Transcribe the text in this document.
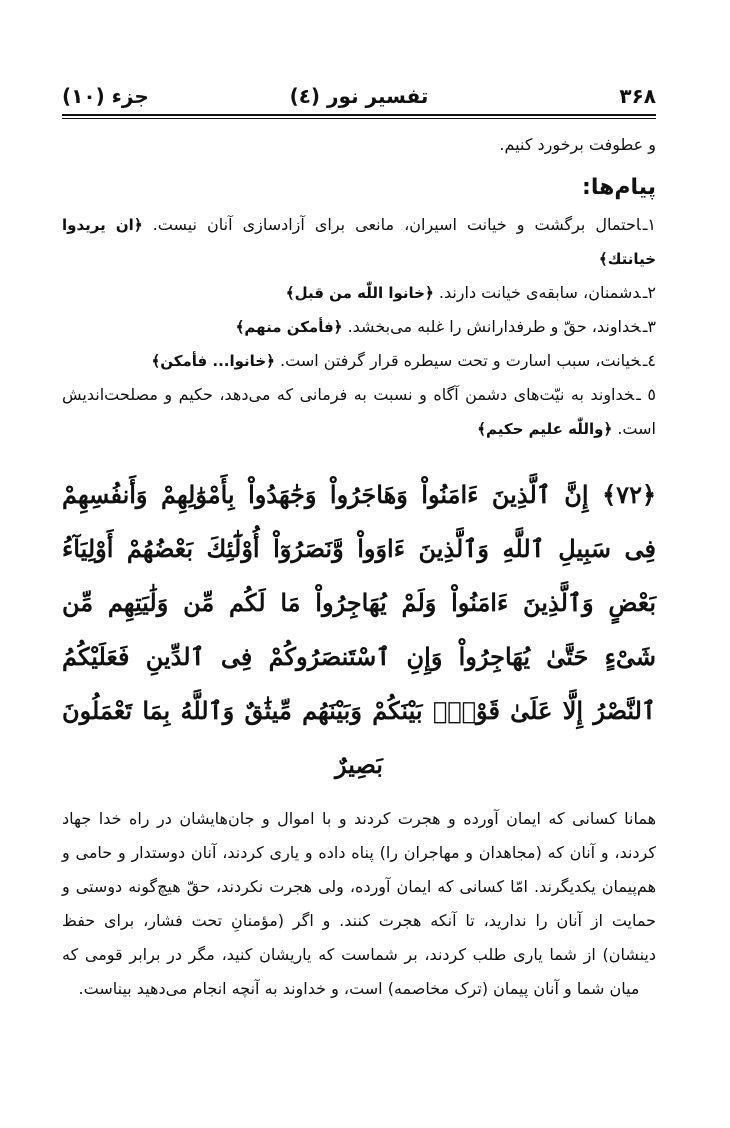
۳۶۸
تفسیر نور (٤)
جزء (۱۰)

و عطوفت برخورد کنیم.

پیام‌ها:
۱ـاحتمال برگشت و خیانت اسیران، مانعی برای آزادسازی آنان نیست. ﴿ان یریدوا خیانتك﴾
۲ـدشمنان، سابقه‌ی خیانت دارند. ﴿خانوا اللّٰه من قبل﴾
۳ـخداوند، حقّ و طرفدارانش را غلبه می‌بخشد. ﴿فأمکن منهم﴾
٤ـخیانت، سبب اسارت و تحت سیطره قرار گرفتن است. ﴿خانوا... فأمکن﴾
٥ ـخداوند به نیّت‌های دشمن آگاه و نسبت به فرمانی که می‌دهد، حکیم و مصلحت‌اندیش است. ﴿واللّٰه علیم حکیم﴾
﴿٧٢﴾ إِنَّ ٱلَّذِينَ ءَامَنُواْ وَهَاجَرُواْ وَجَٰهَدُواْ بِأَمْوَٰلِهِمْ وَأَنفُسِهِمْ فِى سَبِيلِ ٱللَّهِ وَٱلَّذِينَ ءَاوَواْ وَّنَصَرُوٓاْ أُوْلَٰٓئِكَ بَعْضُهُمْ أَوْلِيَآءُ بَعْضٍ وَٱلَّذِينَ ءَامَنُواْ وَلَمْ يُهَاجِرُواْ مَا لَكُم مِّن وَلَٰيَتِهِم مِّن شَىْءٍ حَتَّىٰ يُهَاجِرُواْ وَإِنِ ٱسْتَنصَرُوكُمْ فِى ٱلدِّينِ فَعَلَيْكُمُ ٱلنَّصْرُ إِلَّا عَلَىٰ قَوْمٍۭ بَيْنَكُمْ وَبَيْنَهُم مِّيثَٰقٌ وَٱللَّهُ بِمَا تَعْمَلُونَ بَصِيرٌ

همانا کسانی که ایمان آورده و هجرت کردند و با اموال و جان‌هایشان در راه خدا جهاد کردند، و آنان که (مجاهدان و مهاجران را) پناه داده و یاری کردند، آنان دوستدار و حامی و هم‌پیمان یکدیگرند. امّا کسانی که ایمان آورده، ولی هجرت نکردند، حقّ هیچ‌گونه دوستی و حمایت از آنان را ندارید، تا آنکه هجرت کنند. و اگر (مؤمنانِ تحت فشار، برای حفظ دینشان) از شما یاری طلب کردند، بر شماست که یاریشان کنید، مگر در برابر قومی که میان شما و آنان پیمان (ترک مخاصمه) است، و خداوند به آنچه انجام می‌دهید بیناست.
